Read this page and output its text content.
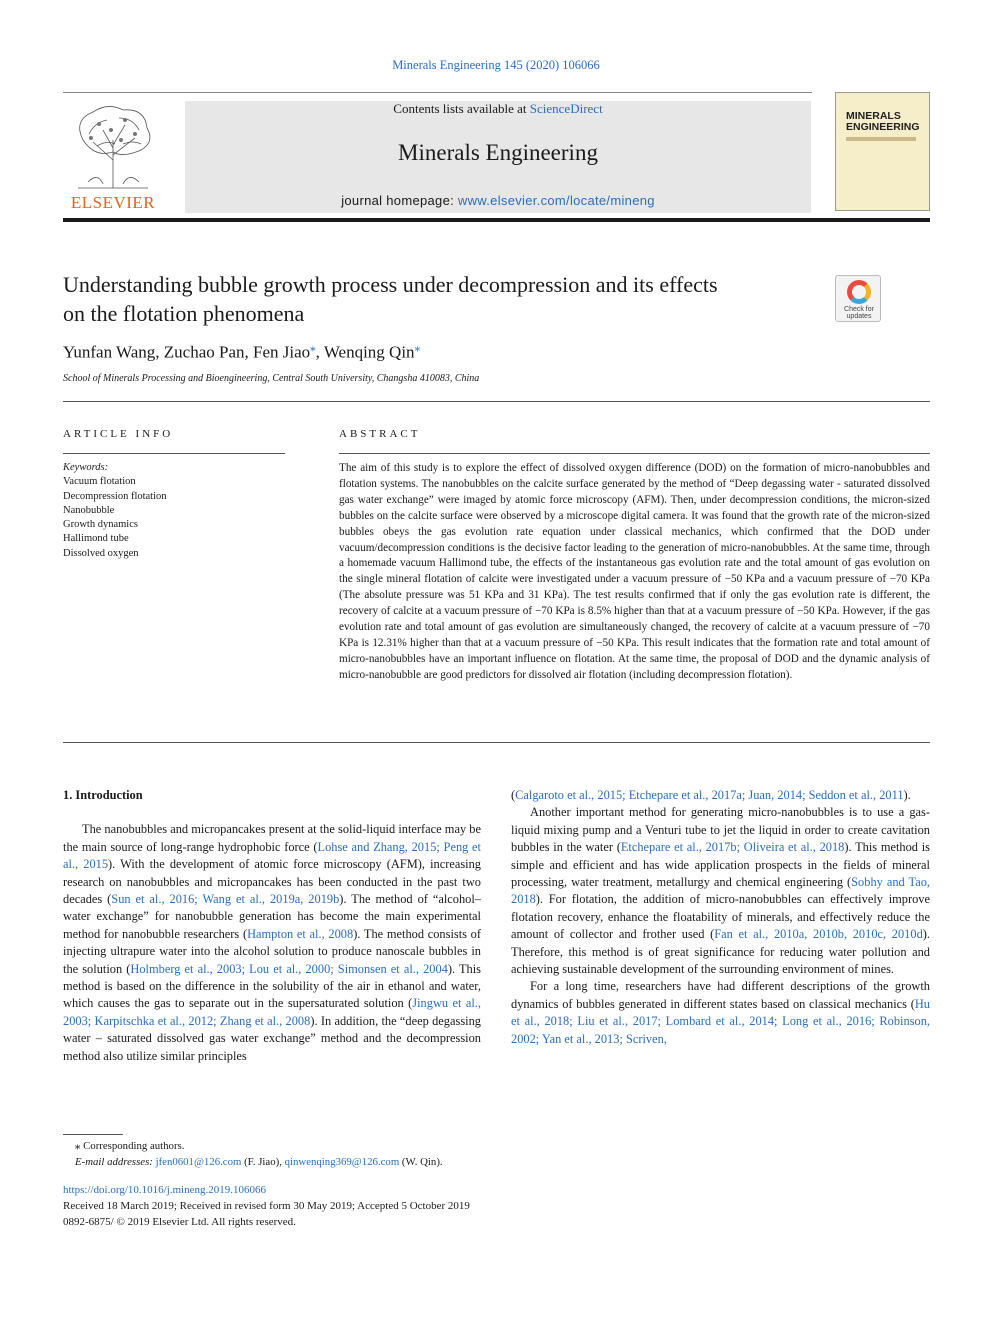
Minerals Engineering 145 (2020) 106066
ELSEVIER
Contents lists available at ScienceDirect
Minerals Engineering
journal homepage: www.elsevier.com/locate/mineng
MINERALS
ENGINEERING
Understanding bubble growth process under decompression and its effects
on the flotation phenomena	Check for
updates
Yunfan Wang, Zuchao Pan, Fen Jiao⁎, Wenqing Qin⁎
School of Minerals Processing and Bioengineering, Central South University, Changsha 410083, China
ARTICLE INFO	ABSTRACT
Keywords:
Vacuum flotation
Decompression flotation
Nanobubble
Growth dynamics
Hallimond tube
Dissolved oxygen
The aim of this study is to explore the effect of dissolved oxygen difference (DOD) on the formation of micro-nanobubbles and flotation systems. The nanobubbles on the calcite surface generated by the method of “Deep degassing water - saturated dissolved gas water exchange” were imaged by atomic force microscopy (AFM). Then, under decompression conditions, the micron-sized bubbles on the calcite surface were observed by a microscope digital camera. It was found that the growth rate of the micron-sized bubbles obeys the gas evolution rate equation under classical mechanics, which confirmed that the DOD under vacuum/decompression conditions is the decisive factor leading to the generation of micro-nanobubbles. At the same time, through a homemade vacuum Hallimond tube, the effects of the instantaneous gas evolution rate and the total amount of gas evolution on the single mineral flotation of calcite were investigated under a vacuum pressure of −50 KPa and a vacuum pressure of −70 KPa (The absolute pressure was 51 KPa and 31 KPa). The test results confirmed that if only the gas evolution rate is different, the recovery of calcite at a vacuum pressure of −70 KPa is 8.5% higher than that at a vacuum pressure of −50 KPa. However, if the gas evolution rate and total amount of gas evolution are simultaneously changed, the recovery of calcite at a vacuum pressure of −70 KPa is 12.31% higher than that at a vacuum pressure of −50 KPa. This result indicates that the formation rate and total amount of micro-nanobubbles have an important influence on flotation. At the same time, the proposal of DOD and the dynamic analysis of micro-nanobubble are good predictors for dissolved air flotation (including decompression flotation).
1. Introduction
The nanobubbles and micropancakes present at the solid-liquid interface may be the main source of long-range hydrophobic force (Lohse and Zhang, 2015; Peng et al., 2015). With the development of atomic force microscopy (AFM), increasing research on nanobubbles and micropancakes has been conducted in the past two decades (Sun et al., 2016; Wang et al., 2019a, 2019b). The method of “alcohol–water exchange” for nanobubble generation has become the main experimental method for nanobubble researchers (Hampton et al., 2008). The method consists of injecting ultrapure water into the alcohol solution to produce nanoscale bubbles in the solution (Holmberg et al., 2003; Lou et al., 2000; Simonsen et al., 2004). This method is based on the difference in the solubility of the air in ethanol and water, which causes the gas to separate out in the supersaturated solution (Jingwu et al., 2003; Karpitschka et al., 2012; Zhang et al., 2008). In addition, the “deep degassing water – saturated dissolved gas water exchange” method and the decompression method also utilize similar principles
(Calgaroto et al., 2015; Etchepare et al., 2017a; Juan, 2014; Seddon et al., 2011).
Another important method for generating micro-nanobubbles is to use a gas-liquid mixing pump and a Venturi tube to jet the liquid in order to create cavitation bubbles in the water (Etchepare et al., 2017b; Oliveira et al., 2018). This method is simple and efficient and has wide application prospects in the fields of mineral processing, water treatment, metallurgy and chemical engineering (Sobhy and Tao, 2018). For flotation, the addition of micro-nanobubbles can effectively improve flotation recovery, enhance the floatability of minerals, and effectively reduce the amount of collector and frother used (Fan et al., 2010a, 2010b, 2010c, 2010d). Therefore, this method is of great significance for reducing water pollution and achieving sustainable development of the surrounding environment of mines.
For a long time, researchers have had different descriptions of the growth dynamics of bubbles generated in different states based on classical mechanics (Hu et al., 2018; Liu et al., 2017; Lombard et al., 2014; Long et al., 2016; Robinson, 2002; Yan et al., 2013; Scriven,
⁎ Corresponding authors.
E-mail addresses: jfen0601@126.com (F. Jiao), qinwenqing369@126.com (W. Qin).
https://doi.org/10.1016/j.mineng.2019.106066
Received 18 March 2019; Received in revised form 30 May 2019; Accepted 5 October 2019
0892-6875/ © 2019 Elsevier Ltd. All rights reserved.
